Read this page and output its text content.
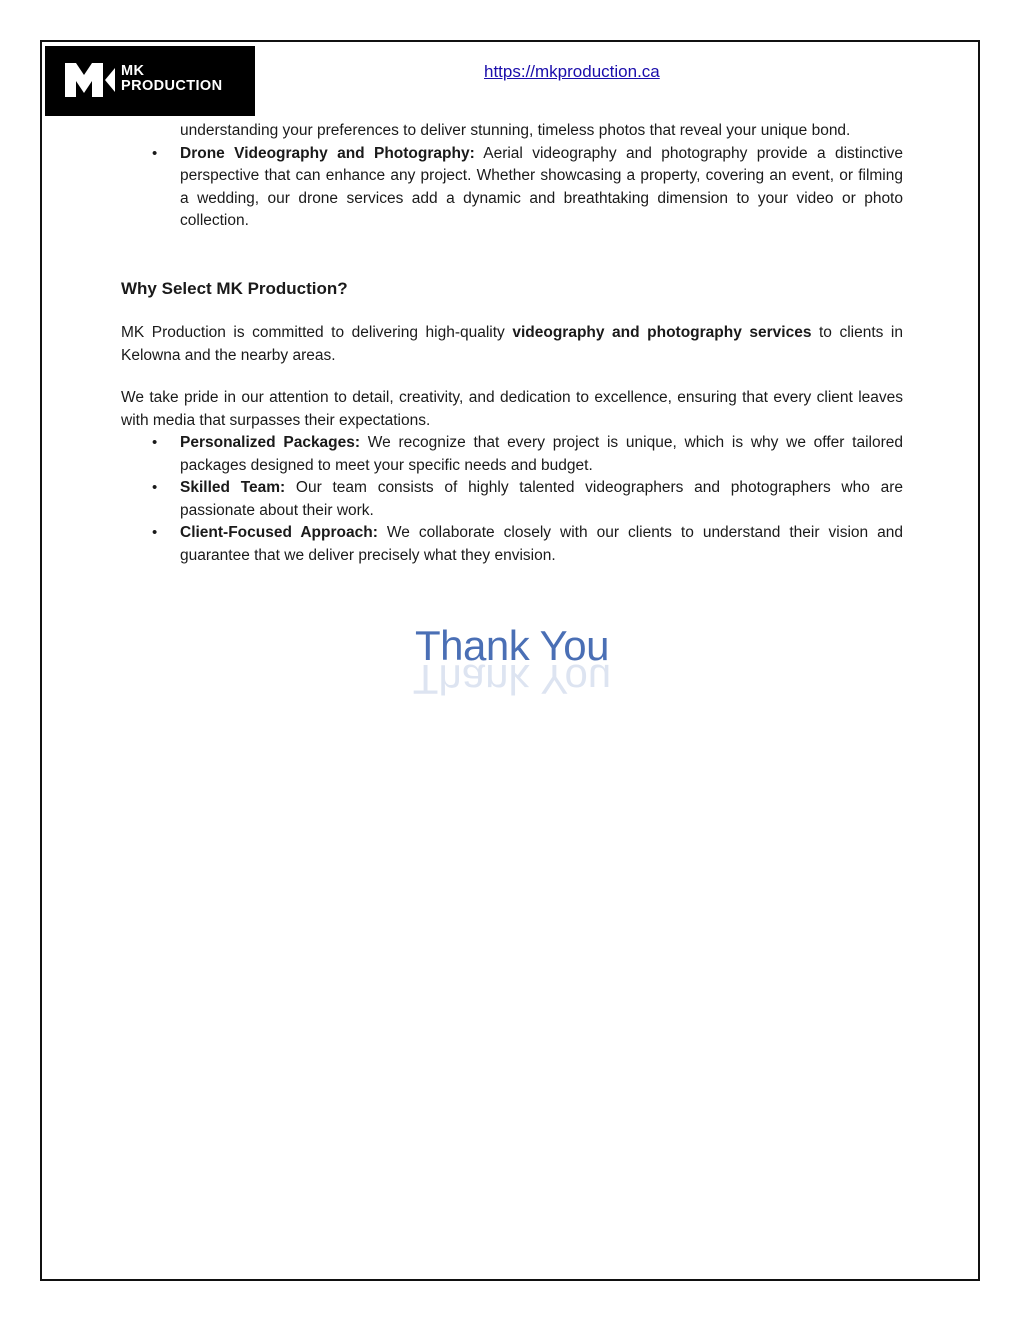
MK
PRODUCTION
https://mkproduction.ca

understanding your preferences to deliver stunning, timeless photos that reveal your unique bond.

• Drone Videography and Photography: Aerial videography and photography provide a distinctive perspective that can enhance any project. Whether showcasing a property, covering an event, or filming a wedding, our drone services add a dynamic and breathtaking dimension to your video or photo collection.
Why Select MK Production?

MK Production is committed to delivering high-quality videography and photography services to clients in Kelowna and the nearby areas.

We take pride in our attention to detail, creativity, and dedication to excellence, ensuring that every client leaves with media that surpasses their expectations.

• Personalized Packages: We recognize that every project is unique, which is why we offer tailored packages designed to meet your specific needs and budget.
• Skilled Team: Our team consists of highly talented videographers and photographers who are passionate about their work.
• Client-Focused Approach: We collaborate closely with our clients to understand their vision and guarantee that we deliver precisely what they envision.
Thank You
Thank You
